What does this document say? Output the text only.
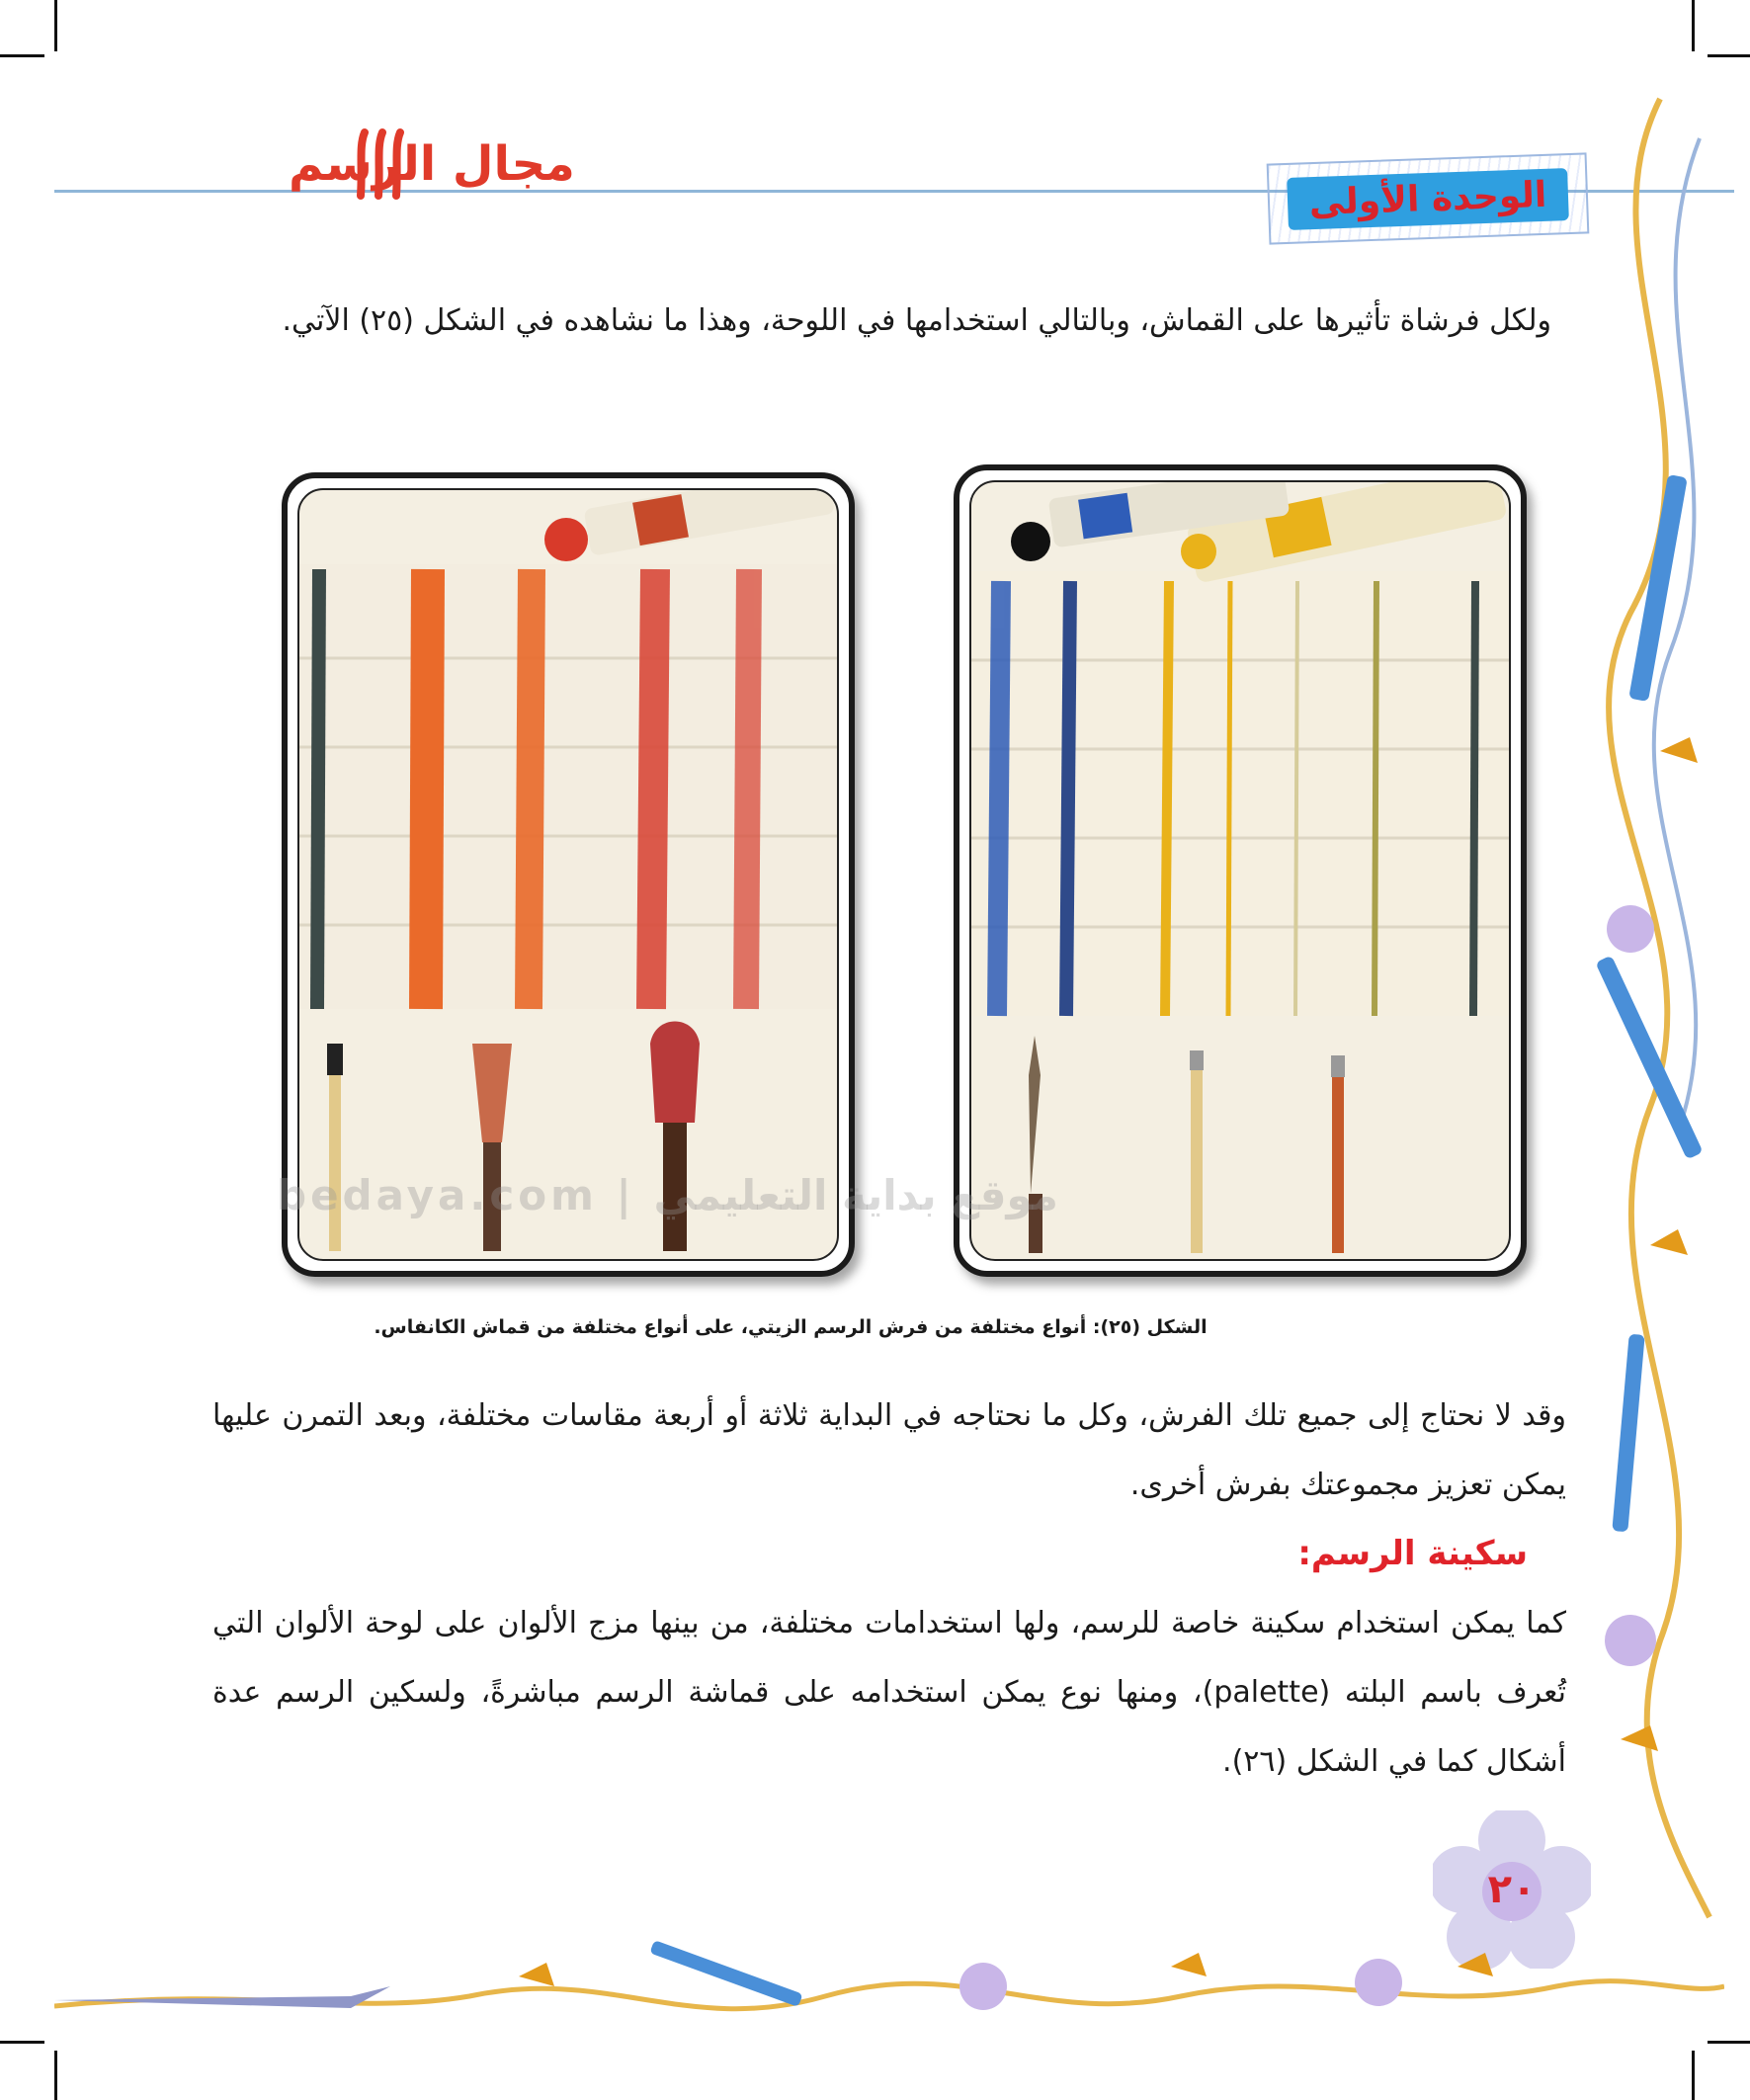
الوحدة الأولى
مجال الرسم
ولكل فرشاة تأثيرها على القماش، وبالتالي استخدامها في اللوحة، وهذا ما نشاهده في الشكل (٢٥) الآتي.
bedaya.com | موقع بداية التعليمي
الشكل (٢٥): أنواع مختلفة من فرش الرسم الزيتي، على أنواع مختلفة من قماش الكانفاس.
وقد لا نحتاج إلى جميع تلك الفرش، وكل ما نحتاجه في البداية ثلاثة أو أربعة مقاسات مختلفة، وبعد التمرن عليها يمكن تعزيز مجموعتك بفرش أخرى.
سكينة الرسم:
كما يمكن استخدام سكينة خاصة للرسم، ولها استخدامات مختلفة، من بينها مزج الألوان على لوحة الألوان التي تُعرف باسم البلته (palette)، ومنها نوع يمكن استخدامه على قماشة الرسم مباشرةً، ولسكين الرسم عدة أشكال كما في الشكل (٢٦).
٢٠
